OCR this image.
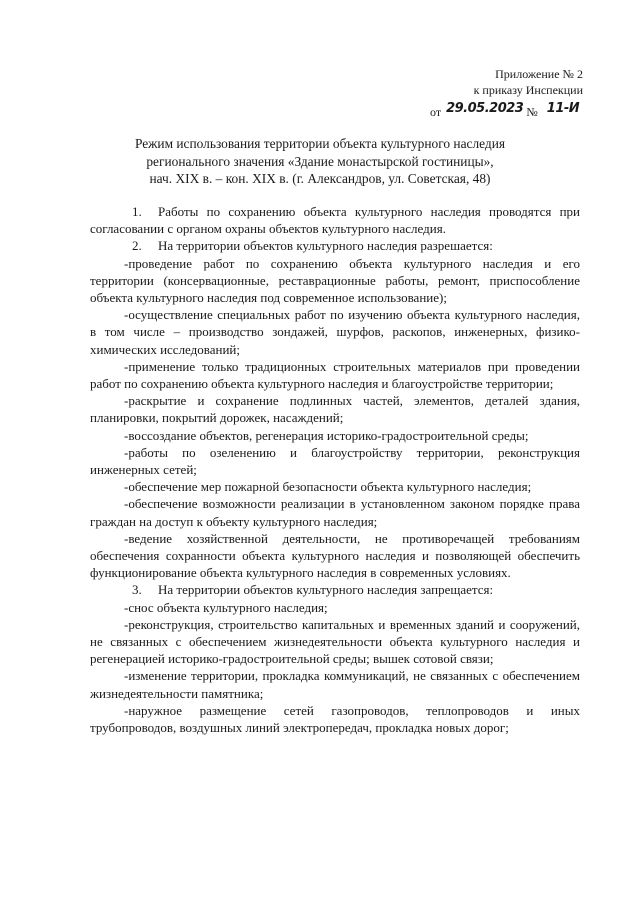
Приложение № 2
к приказу Инспекции
от 29.05.2023 № 11-И
Режим использования территории объекта культурного наследия
регионального значения «Здание монастырской гостиницы»,
нач. XIX в. – кон. XIX в. (г. Александров, ул. Советская, 48)

1. Работы по сохранению объекта культурного наследия проводятся при согласовании с органом охраны объектов культурного наследия.

2. На территории объектов культурного наследия разрешается:

-проведение работ по сохранению объекта культурного наследия и его территории (консервационные, реставрационные работы, ремонт, приспособление объекта культурного наследия под современное использование);

-осуществление специальных работ по изучению объекта культурного наследия, в том числе – производство зондажей, шурфов, раскопов, инженерных, физико-химических исследований;

-применение только традиционных строительных материалов при проведении работ по сохранению объекта культурного наследия и благоустройстве территории;

-раскрытие и сохранение подлинных частей, элементов, деталей здания, планировки, покрытий дорожек, насаждений;

-воссоздание объектов, регенерация историко-градостроительной среды;

-работы по озеленению и благоустройству территории, реконструкция инженерных сетей;

-обеспечение мер пожарной безопасности объекта культурного наследия;

-обеспечение возможности реализации в установленном законом порядке права граждан на доступ к объекту культурного наследия;

-ведение хозяйственной деятельности, не противоречащей требованиям обеспечения сохранности объекта культурного наследия и позволяющей обеспечить функционирование объекта культурного наследия в современных условиях.

3. На территории объектов культурного наследия запрещается:

-снос объекта культурного наследия;

-реконструкция, строительство капитальных и временных зданий и сооружений, не связанных с обеспечением жизнедеятельности объекта культурного наследия и регенерацией историко-градостроительной среды; вышек сотовой связи;

-изменение территории, прокладка коммуникаций, не связанных с обеспечением жизнедеятельности памятника;

-наружное размещение сетей газопроводов, теплопроводов и иных трубопроводов, воздушных линий электропередач, прокладка новых дорог;
